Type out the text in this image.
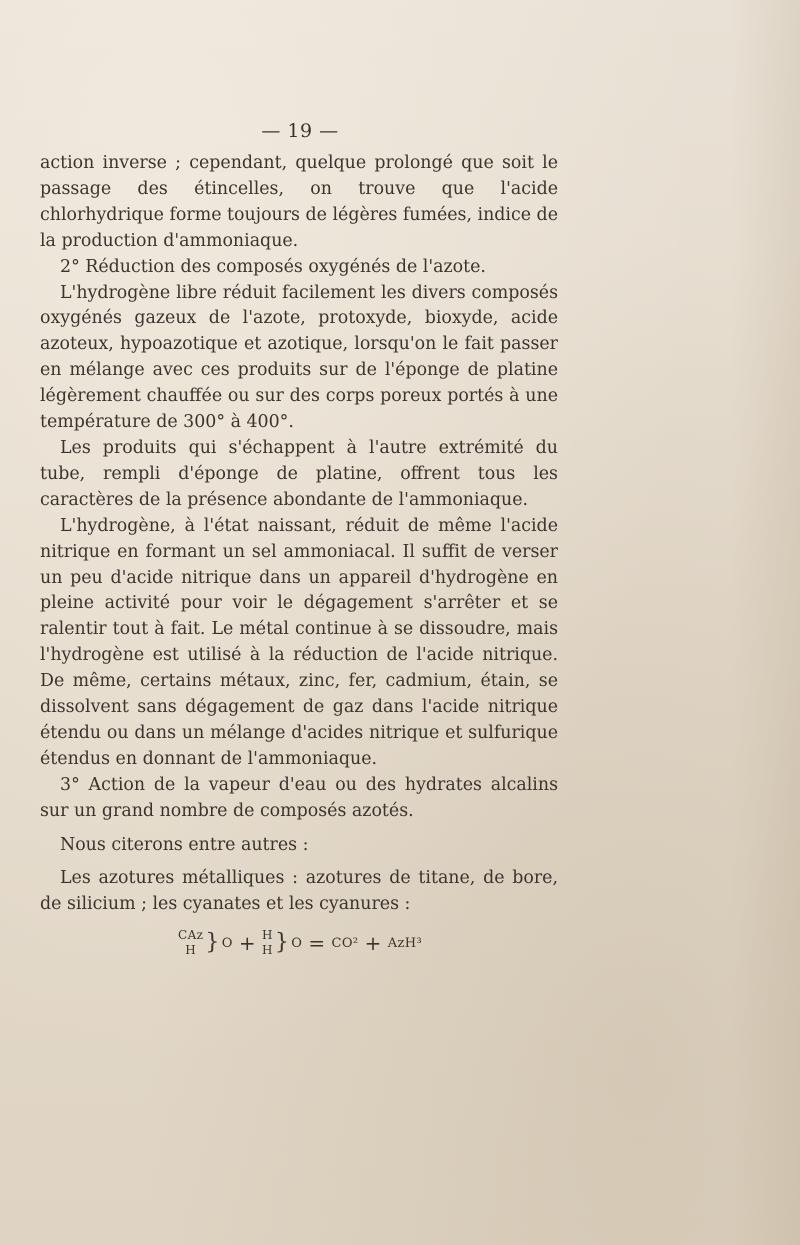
— 19 —

action inverse ; cependant, quelque prolongé que soit le passage des étincelles, on trouve que l'acide chlorhydrique forme toujours de légères fumées, indice de la production d'ammoniaque.

2° Réduction des composés oxygénés de l'azote.

L'hydrogène libre réduit facilement les divers composés oxygénés gazeux de l'azote, protoxyde, bioxyde, acide azoteux, hypoazotique et azotique, lorsqu'on le fait passer en mélange avec ces produits sur de l'éponge de platine légèrement chauffée ou sur des corps poreux portés à une température de 300° à 400°.

Les produits qui s'échappent à l'autre extrémité du tube, rempli d'éponge de platine, offrent tous les caractères de la présence abondante de l'ammoniaque.

L'hydrogène, à l'état naissant, réduit de même l'acide nitrique en formant un sel ammoniacal. Il suffit de verser un peu d'acide nitrique dans un appareil d'hydrogène en pleine activité pour voir le dégagement s'arrêter et se ralentir tout à fait. Le métal continue à se dissoudre, mais l'hydrogène est utilisé à la réduction de l'acide nitrique. De même, certains métaux, zinc, fer, cadmium, étain, se dissolvent sans dégagement de gaz dans l'acide nitrique étendu ou dans un mélange d'acides nitrique et sulfurique étendus en donnant de l'ammoniaque.

3° Action de la vapeur d'eau ou des hydrates alcalins sur un grand nombre de composés azotés.

Nous citerons entre autres :

Les azotures métalliques : azotures de titane, de bore, de silicium ; les cyanates et les cyanures :

CAz
H } O + H
H } O = CO² + AzH³
